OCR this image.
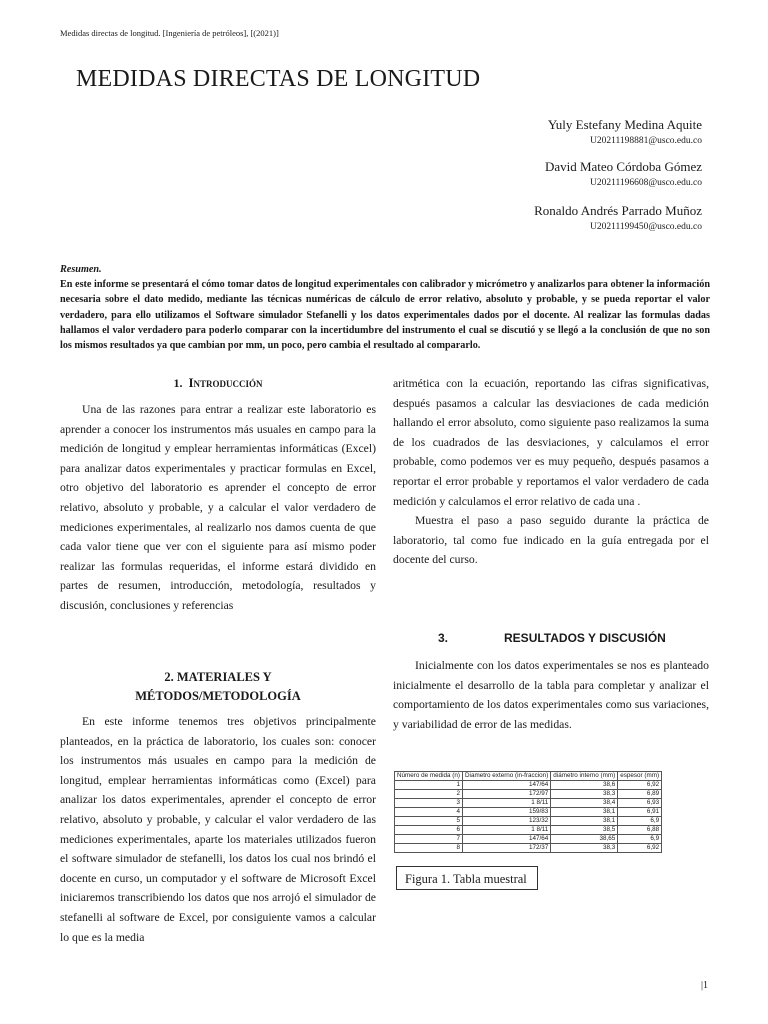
Medidas directas de longitud. [Ingeniería de petróleos], [(2021)]
MEDIDAS DIRECTAS DE LONGITUD
Yuly Estefany Medina Aquite
U20211198881@usco.edu.co
David Mateo Córdoba Gómez
U20211196608@usco.edu.co
Ronaldo Andrés Parrado Muñoz
U20211199450@usco.edu.co
Resumen.
En este informe se presentará el cómo tomar datos de longitud experimentales con calibrador y micrómetro y analizarlos para obtener la información necesaria sobre el dato medido, mediante las técnicas numéricas de cálculo de error relativo, absoluto y probable, y se pueda reportar el valor verdadero, para ello utilizamos el Software simulador Stefanelli y los datos experimentales dados por el docente. Al realizar las formulas dadas hallamos el valor verdadero para poderlo comparar con la incertidumbre del instrumento el cual se discutió y se llegó a la conclusión de que no son los mismos resultados ya que cambian por mm, un poco, pero cambia el resultado al compararlo.
1. Introducción

Una de las razones para entrar a realizar este laboratorio es aprender a conocer los instrumentos más usuales en campo para la medición de longitud y emplear herramientas informáticas (Excel) para analizar datos experimentales y practicar formulas en Excel, otro objetivo del laboratorio es aprender el concepto de error relativo, absoluto y probable, y a calcular el valor verdadero de mediciones experimentales, al realizarlo nos damos cuenta de que cada valor tiene que ver con el siguiente para así mismo poder realizar las formulas requeridas, el informe estará dividido en partes de resumen, introducción, metodología, resultados y discusión, conclusiones y referencias

2. MATERIALES Y
MÉTODOS/METODOLOGÍA

En este informe tenemos tres objetivos principalmente planteados, en la práctica de laboratorio, los cuales son: conocer los instrumentos más usuales en campo para la medición de longitud, emplear herramientas informáticas como (Excel) para analizar los datos experimentales, aprender el concepto de error relativo, absoluto y probable, y calcular el valor verdadero de las mediciones experimentales, aparte los materiales utilizados fueron el software simulador de stefanelli, los datos los cual nos brindó el docente en curso, un computador y el software de Microsoft Excel iniciaremos transcribiendo los datos que nos arrojó el simulador de stefanelli al software de Excel, por consiguiente vamos a calcular lo que es la media

aritmética con la ecuación, reportando las cifras significativas, después pasamos a calcular las desviaciones de cada medición hallando el error absoluto, como siguiente paso realizamos la suma de los cuadrados de las desviaciones, y calculamos el error probable, como podemos ver es muy pequeño, después pasamos a reportar el error probable y reportamos el valor verdadero de cada medición y calculamos el error relativo de cada una .

Muestra el paso a paso seguido durante la práctica de laboratorio, tal como fue indicado en la guía entregada por el docente del curso.

3.	RESULTADOS Y DISCUSIÓN

Inicialmente con los datos experimentales se nos es planteado inicialmente el desarrollo de la tabla para completar y analizar el comportamiento de los datos experimentales como sus variaciones, y variabilidad de error de las medidas.

Número de medida (n)	Diametro externo (in-fraccion)	diámetro interno (mm)	espesor (mm)
1	147/64	38,6	6,92
2	172/97	38,3	6,89
3	1 8/11	38,4	6,93
4	159/83	38,1	6,91
5	123/32	38,1	6,9
6	1 8/11	38,5	6,88
7	147/64	38,65	6,9
8	172/37	38,3	6,92
Figura 1. Tabla muestral
|1
